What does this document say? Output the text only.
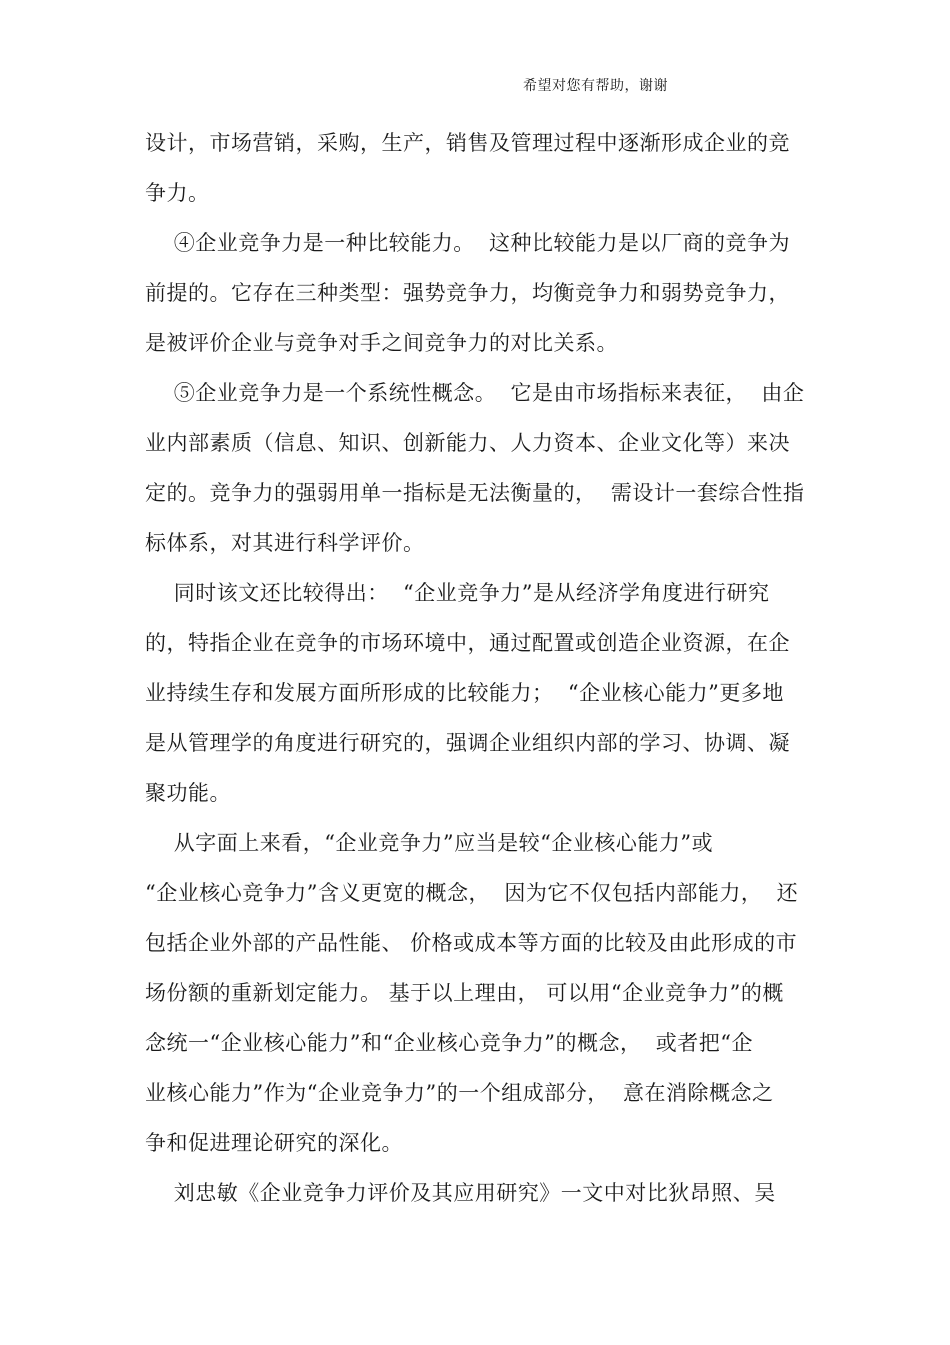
希望对您有帮助，谢谢
设计，市场营销，采购，生产，销售及管理过程中逐渐形成企业的竞
争力。
④企业竞争力是一种比较能力。  这种比较能力是以厂商的竞争为
前提的。它存在三种类型：强势竞争力，均衡竞争力和弱势竞争力，
是被评价企业与竞争对手之间竞争力的对比关系。
⑤企业竞争力是一个系统性概念。  它是由市场指标来表征，  由企
业内部素质（信息、知识、创新能力、人力资本、企业文化等）来决
定的。竞争力的强弱用单一指标是无法衡量的，  需设计一套综合性指
标体系，对其进行科学评价。
同时该文还比较得出：  “企业竞争力”是从经济学角度进行研究
的，特指企业在竞争的市场环境中，通过配置或创造企业资源，在企
业持续生存和发展方面所形成的比较能力；  “企业核心能力”更多地
是从管理学的角度进行研究的，强调企业组织内部的学习、协调、凝
聚功能。
从字面上来看，“企业竞争力”应当是较“企业核心能力”或
“企业核心竞争力”含义更宽的概念，  因为它不仅包括内部能力，  还
包括企业外部的产品性能、 价格或成本等方面的比较及由此形成的市
场份额的重新划定能力。 基于以上理由， 可以用“企业竞争力”的概
念统一“企业核心能力”和“企业核心竞争力”的概念，  或者把“企
业核心能力”作为“企业竞争力”的一个组成部分，  意在消除概念之
争和促进理论研究的深化。
刘忠敏《企业竞争力评价及其应用研究》一文中对比狄昂照、吴
